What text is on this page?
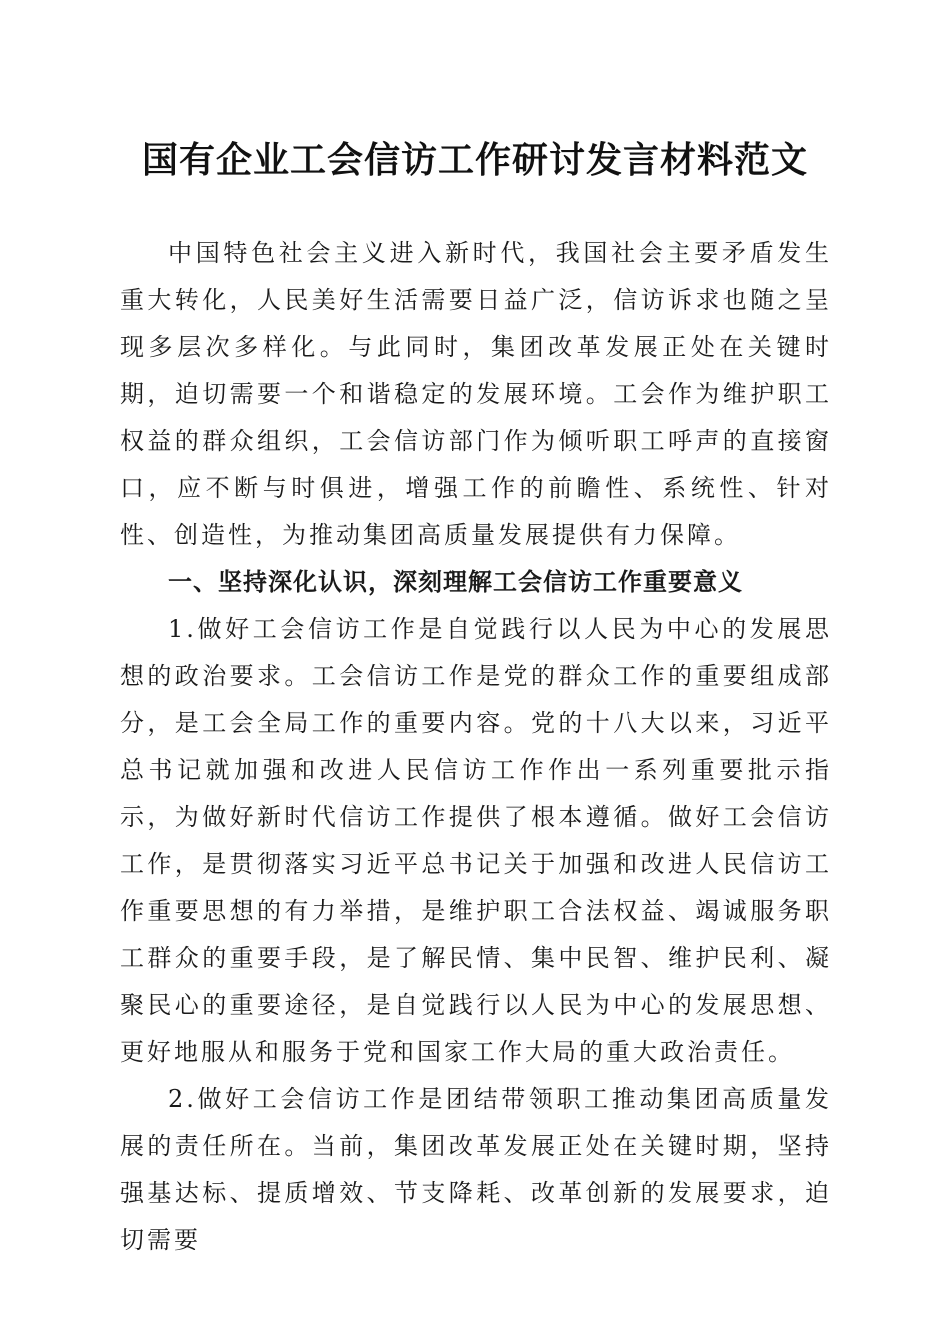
国有企业工会信访工作研讨发言材料范文

中国特色社会主义进入新时代，我国社会主要矛盾发生重大转化，人民美好生活需要日益广泛，信访诉求也随之呈现多层次多样化。与此同时，集团改革发展正处在关键时期，迫切需要一个和谐稳定的发展环境。工会作为维护职工权益的群众组织，工会信访部门作为倾听职工呼声的直接窗口，应不断与时俱进，增强工作的前瞻性、系统性、针对性、创造性，为推动集团高质量发展提供有力保障。

一、坚持深化认识，深刻理解工会信访工作重要意义

1.做好工会信访工作是自觉践行以人民为中心的发展思想的政治要求。工会信访工作是党的群众工作的重要组成部分，是工会全局工作的重要内容。党的十八大以来，习近平总书记就加强和改进人民信访工作作出一系列重要批示指示，为做好新时代信访工作提供了根本遵循。做好工会信访工作，是贯彻落实习近平总书记关于加强和改进人民信访工作重要思想的有力举措，是维护职工合法权益、竭诚服务职工群众的重要手段，是了解民情、集中民智、维护民利、凝聚民心的重要途径，是自觉践行以人民为中心的发展思想、更好地服从和服务于党和国家工作大局的重大政治责任。

2.做好工会信访工作是团结带领职工推动集团高质量发展的责任所在。当前，集团改革发展正处在关键时期，坚持强基达标、提质增效、节支降耗、改革创新的发展要求，迫切需要
